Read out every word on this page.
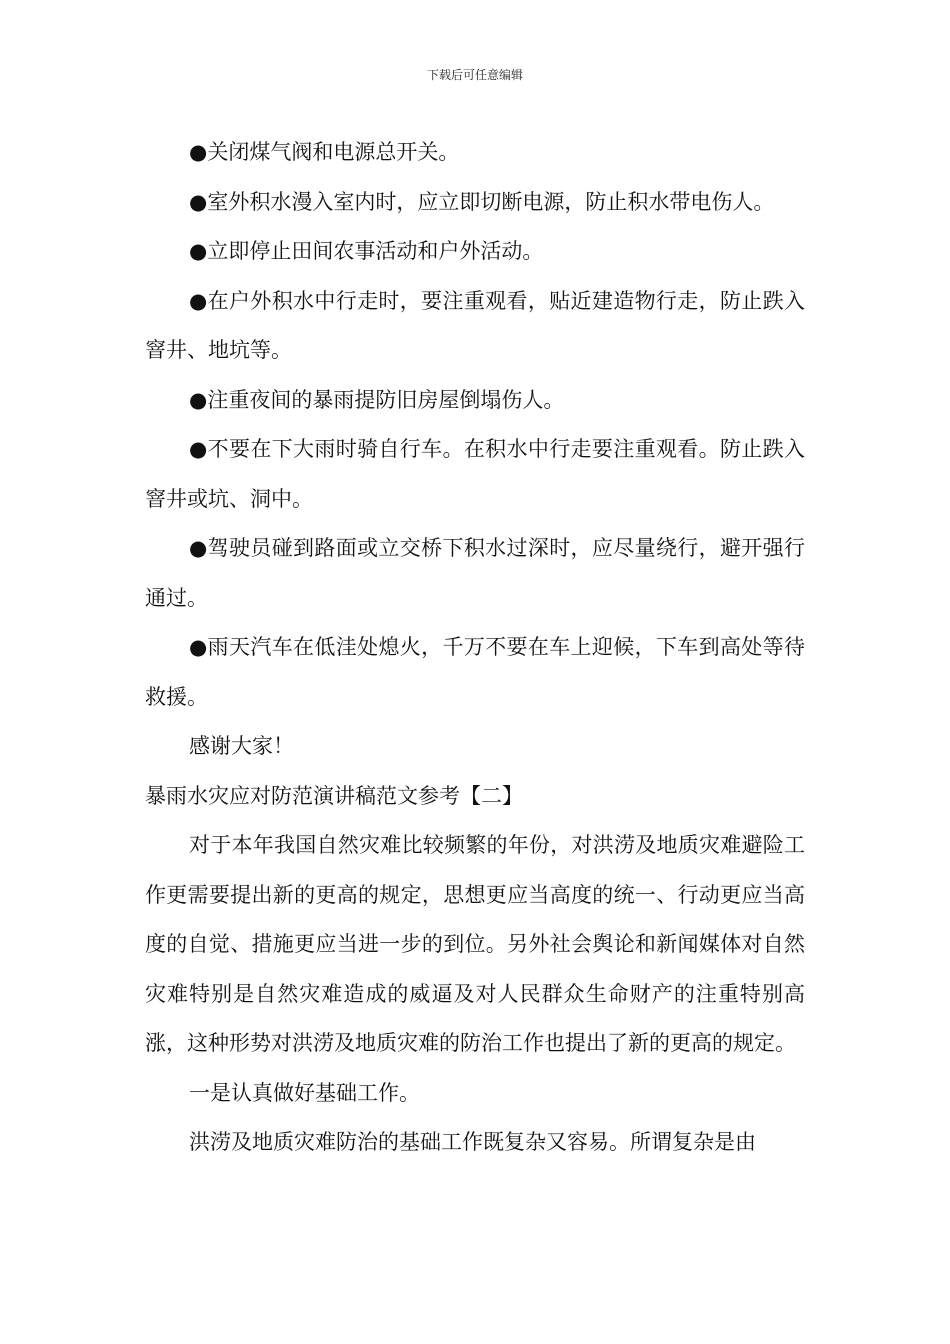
下载后可任意编辑

●关闭煤气阀和电源总开关。

●室外积水漫入室内时，应立即切断电源，防止积水带电伤人。

●立即停止田间农事活动和户外活动。

●在户外积水中行走时，要注重观看，贴近建造物行走，防止跌入窨井、地坑等。

●注重夜间的暴雨提防旧房屋倒塌伤人。

●不要在下大雨时骑自行车。在积水中行走要注重观看。防止跌入窨井或坑、洞中。

●驾驶员碰到路面或立交桥下积水过深时，应尽量绕行，避开强行通过。

●雨天汽车在低洼处熄火，千万不要在车上迎候，下车到高处等待救援。

感谢大家！

暴雨水灾应对防范演讲稿范文参考【二】

对于本年我国自然灾难比较频繁的年份，对洪涝及地质灾难避险工作更需要提出新的更高的规定，思想更应当高度的统一、行动更应当高度的自觉、措施更应当进一步的到位。另外社会舆论和新闻媒体对自然灾难特别是自然灾难造成的威逼及对人民群众生命财产的注重特别高涨，这种形势对洪涝及地质灾难的防治工作也提出了新的更高的规定。

一是认真做好基础工作。

洪涝及地质灾难防治的基础工作既复杂又容易。所谓复杂是由
